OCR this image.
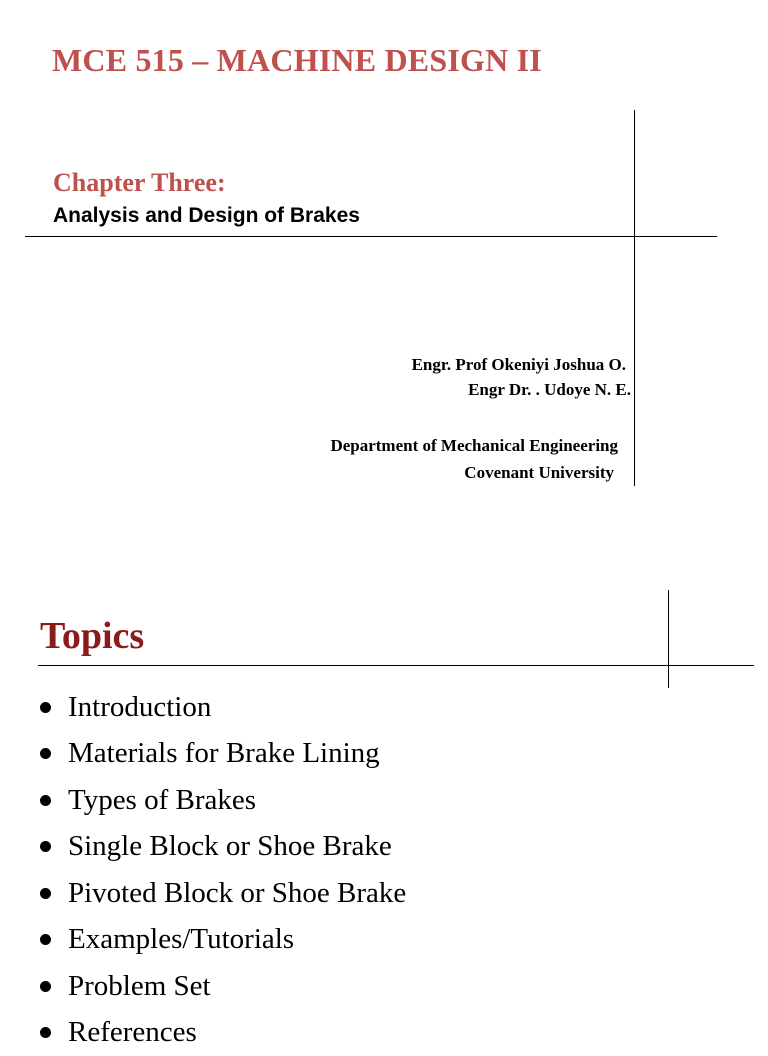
MCE 515 – MACHINE DESIGN II
Chapter Three:
Analysis and Design of Brakes
Engr. Prof Okeniyi Joshua O.
Engr Dr. . Udoye N. E.
Department of Mechanical Engineering
Covenant University
Topics
Introduction
Materials for Brake Lining
Types of Brakes
Single Block or Shoe Brake
Pivoted Block or Shoe Brake
Examples/Tutorials
Problem Set
References
